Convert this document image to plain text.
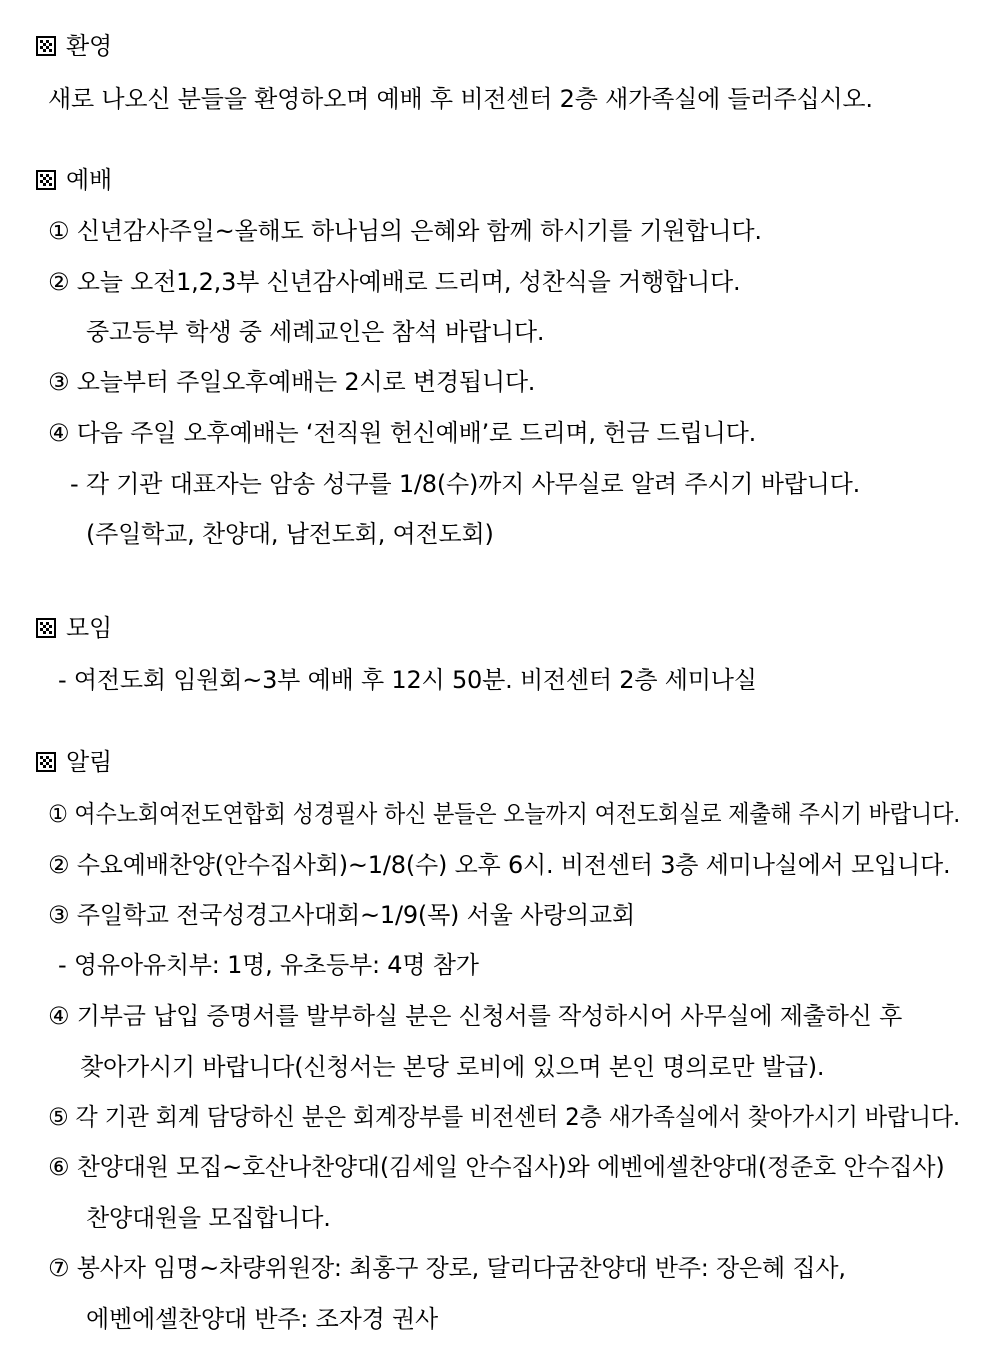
환영
새로 나오신 분들을 환영하오며 예배 후 비전센터 2층 새가족실에 들러주십시오.
예배
① 신년감사주일~올해도 하나님의 은혜와 함께 하시기를 기원합니다.
② 오늘 오전1,2,3부 신년감사예배로 드리며, 성찬식을 거행합니다.
중고등부 학생 중 세례교인은 참석 바랍니다.
③ 오늘부터 주일오후예배는 2시로 변경됩니다.
④ 다음 주일 오후예배는 ‘전직원 헌신예배’로 드리며, 헌금 드립니다.
- 각 기관 대표자는 암송 성구를 1/8(수)까지 사무실로 알려 주시기 바랍니다.
(주일학교, 찬양대, 남전도회, 여전도회)
모임
- 여전도회 임원회~3부 예배 후 12시 50분. 비전센터 2층 세미나실
알림
① 여수노회여전도연합회 성경필사 하신 분들은 오늘까지 여전도회실로 제출해 주시기 바랍니다.
② 수요예배찬양(안수집사회)~1/8(수) 오후 6시. 비전센터 3층 세미나실에서 모입니다.
③ 주일학교 전국성경고사대회~1/9(목) 서울 사랑의교회
- 영유아유치부: 1명, 유초등부: 4명 참가
④ 기부금 납입 증명서를 발부하실 분은 신청서를 작성하시어 사무실에 제출하신 후
찾아가시기 바랍니다(신청서는 본당 로비에 있으며 본인 명의로만 발급).
⑤ 각 기관 회계 담당하신 분은 회계장부를 비전센터 2층 새가족실에서 찾아가시기 바랍니다.
⑥ 찬양대원 모집~호산나찬양대(김세일 안수집사)와 에벤에셀찬양대(정준호 안수집사)
찬양대원을 모집합니다.
⑦ 봉사자 임명~차량위원장: 최홍구 장로, 달리다굼찬양대 반주: 장은혜 집사,
에벤에셀찬양대 반주: 조자경 권사
